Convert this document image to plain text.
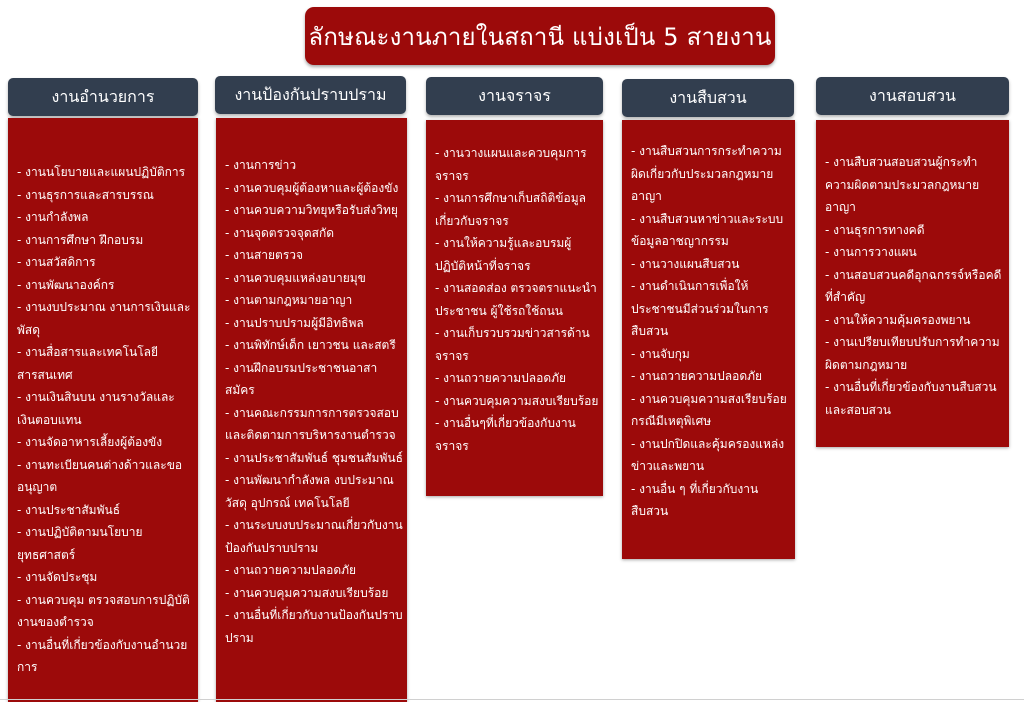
ลักษณะงานภายในสถานี แบ่งเป็น 5 สายงาน
งานอำนวยการ
- งานนโยบายและแผนปฏิบัติการ
- งานธุรการและสารบรรณ
- งานกำลังพล
- งานการศึกษา ฝึกอบรม
- งานสวัสดิการ
- งานพัฒนาองค์กร
- งานงบประมาณ งานการเงินและพัสดุ
- งานสื่อสารและเทคโนโลยีสารสนเทศ
- งานเงินสินบน งานรางวัลและเงินตอบแทน
- งานจัดอาหารเลี้ยงผู้ต้องขัง
- งานทะเบียนคนต่างด้าวและขออนุญาต
- งานประชาสัมพันธ์
- งานปฏิบัติตามนโยบายยุทธศาสตร์
- งานจัดประชุม
- งานควบคุม ตรวจสอบการปฏิบัติงานของตำรวจ
- งานอื่นที่เกี่ยวข้องกับงานอำนวยการ
งานป้องกันปราบปราม
- งานการข่าว
- งานควบคุมผู้ต้องหาและผู้ต้องขัง
- งานควบความวิทยุหรือรับส่งวิทยุ
- งานจุดตรวจจุดสกัด
- งานสายตรวจ
- งานควบคุมแหล่งอบายมุข
- งานตามกฎหมายอาญา
- งานปราบปรามผู้มีอิทธิพล
- งานพิทักษ์เด็ก เยาวชน และสตรี
- งานฝึกอบรมประชาชนอาสาสมัคร
- งานคณะกรรมการการตรวจสอบและติดตามการบริหารงานตำรวจ
- งานประชาสัมพันธ์ ชุมชนสัมพันธ์
- งานพัฒนากำลังพล งบประมาณ วัสดุ อุปกรณ์ เทคโนโลยี
- งานระบบงบประมาณเกี่ยวกับงานป้องกันปราบปราม
- งานถวายความปลอดภัย
- งานควบคุมความสงบเรียบร้อย
- งานอื่นที่เกี่ยวกับงานป้องกันปราบปราม
งานจราจร
- งานวางแผนและควบคุมการจราจร
- งานการศึกษาเก็บสถิติข้อมูลเกี่ยวกับจราจร
- งานให้ความรู้และอบรมผู้ปฏิบัติหน้าที่จราจร
- งานสอดส่อง ตรวจตราแนะนำประชาชน ผู้ใช้รถใช้ถนน
- งานเก็บรวบรวมข่าวสารด้านจราจร
- งานถวายความปลอดภัย
- งานควบคุมความสงบเรียบร้อย
- งานอื่นๆที่เกี่ยวข้องกับงานจราจร
งานสืบสวน
- งานสืบสวนการกระทำความผิดเกี่ยวกับประมวลกฎหมายอาญา
- งานสืบสวนหาข่าวและระบบข้อมูลอาชญากรรม
- งานวางแผนสืบสวน
- งานดำเนินการเพื่อให้ประชาชนมีส่วนร่วมในการสืบสวน
- งานจับกุม
- งานถวายความปลอดภัย
- งานควบคุมความสงเรียบร้อยกรณีมีเหตุพิเศษ
- งานปกปิดและคุ้มครองแหล่งข่าวและพยาน
- งานอื่น ๆ ที่เกี่ยวกับงานสืบสวน
งานสอบสวน
- งานสืบสวนสอบสวนผู้กระทำความผิดตามประมวลกฎหมายอาญา
- งานธุรการทางคดี
- งานการวางแผน
- งานสอบสวนคดีอุกฉกรรจ์หรือคดีที่สำคัญ
- งานให้ความคุ้มครองพยาน
- งานเปรียบเทียบปรับการทำความผิดตามกฎหมาย
- งานอื่นที่เกี่ยวข้องกับงานสืบสวนและสอบสวน
